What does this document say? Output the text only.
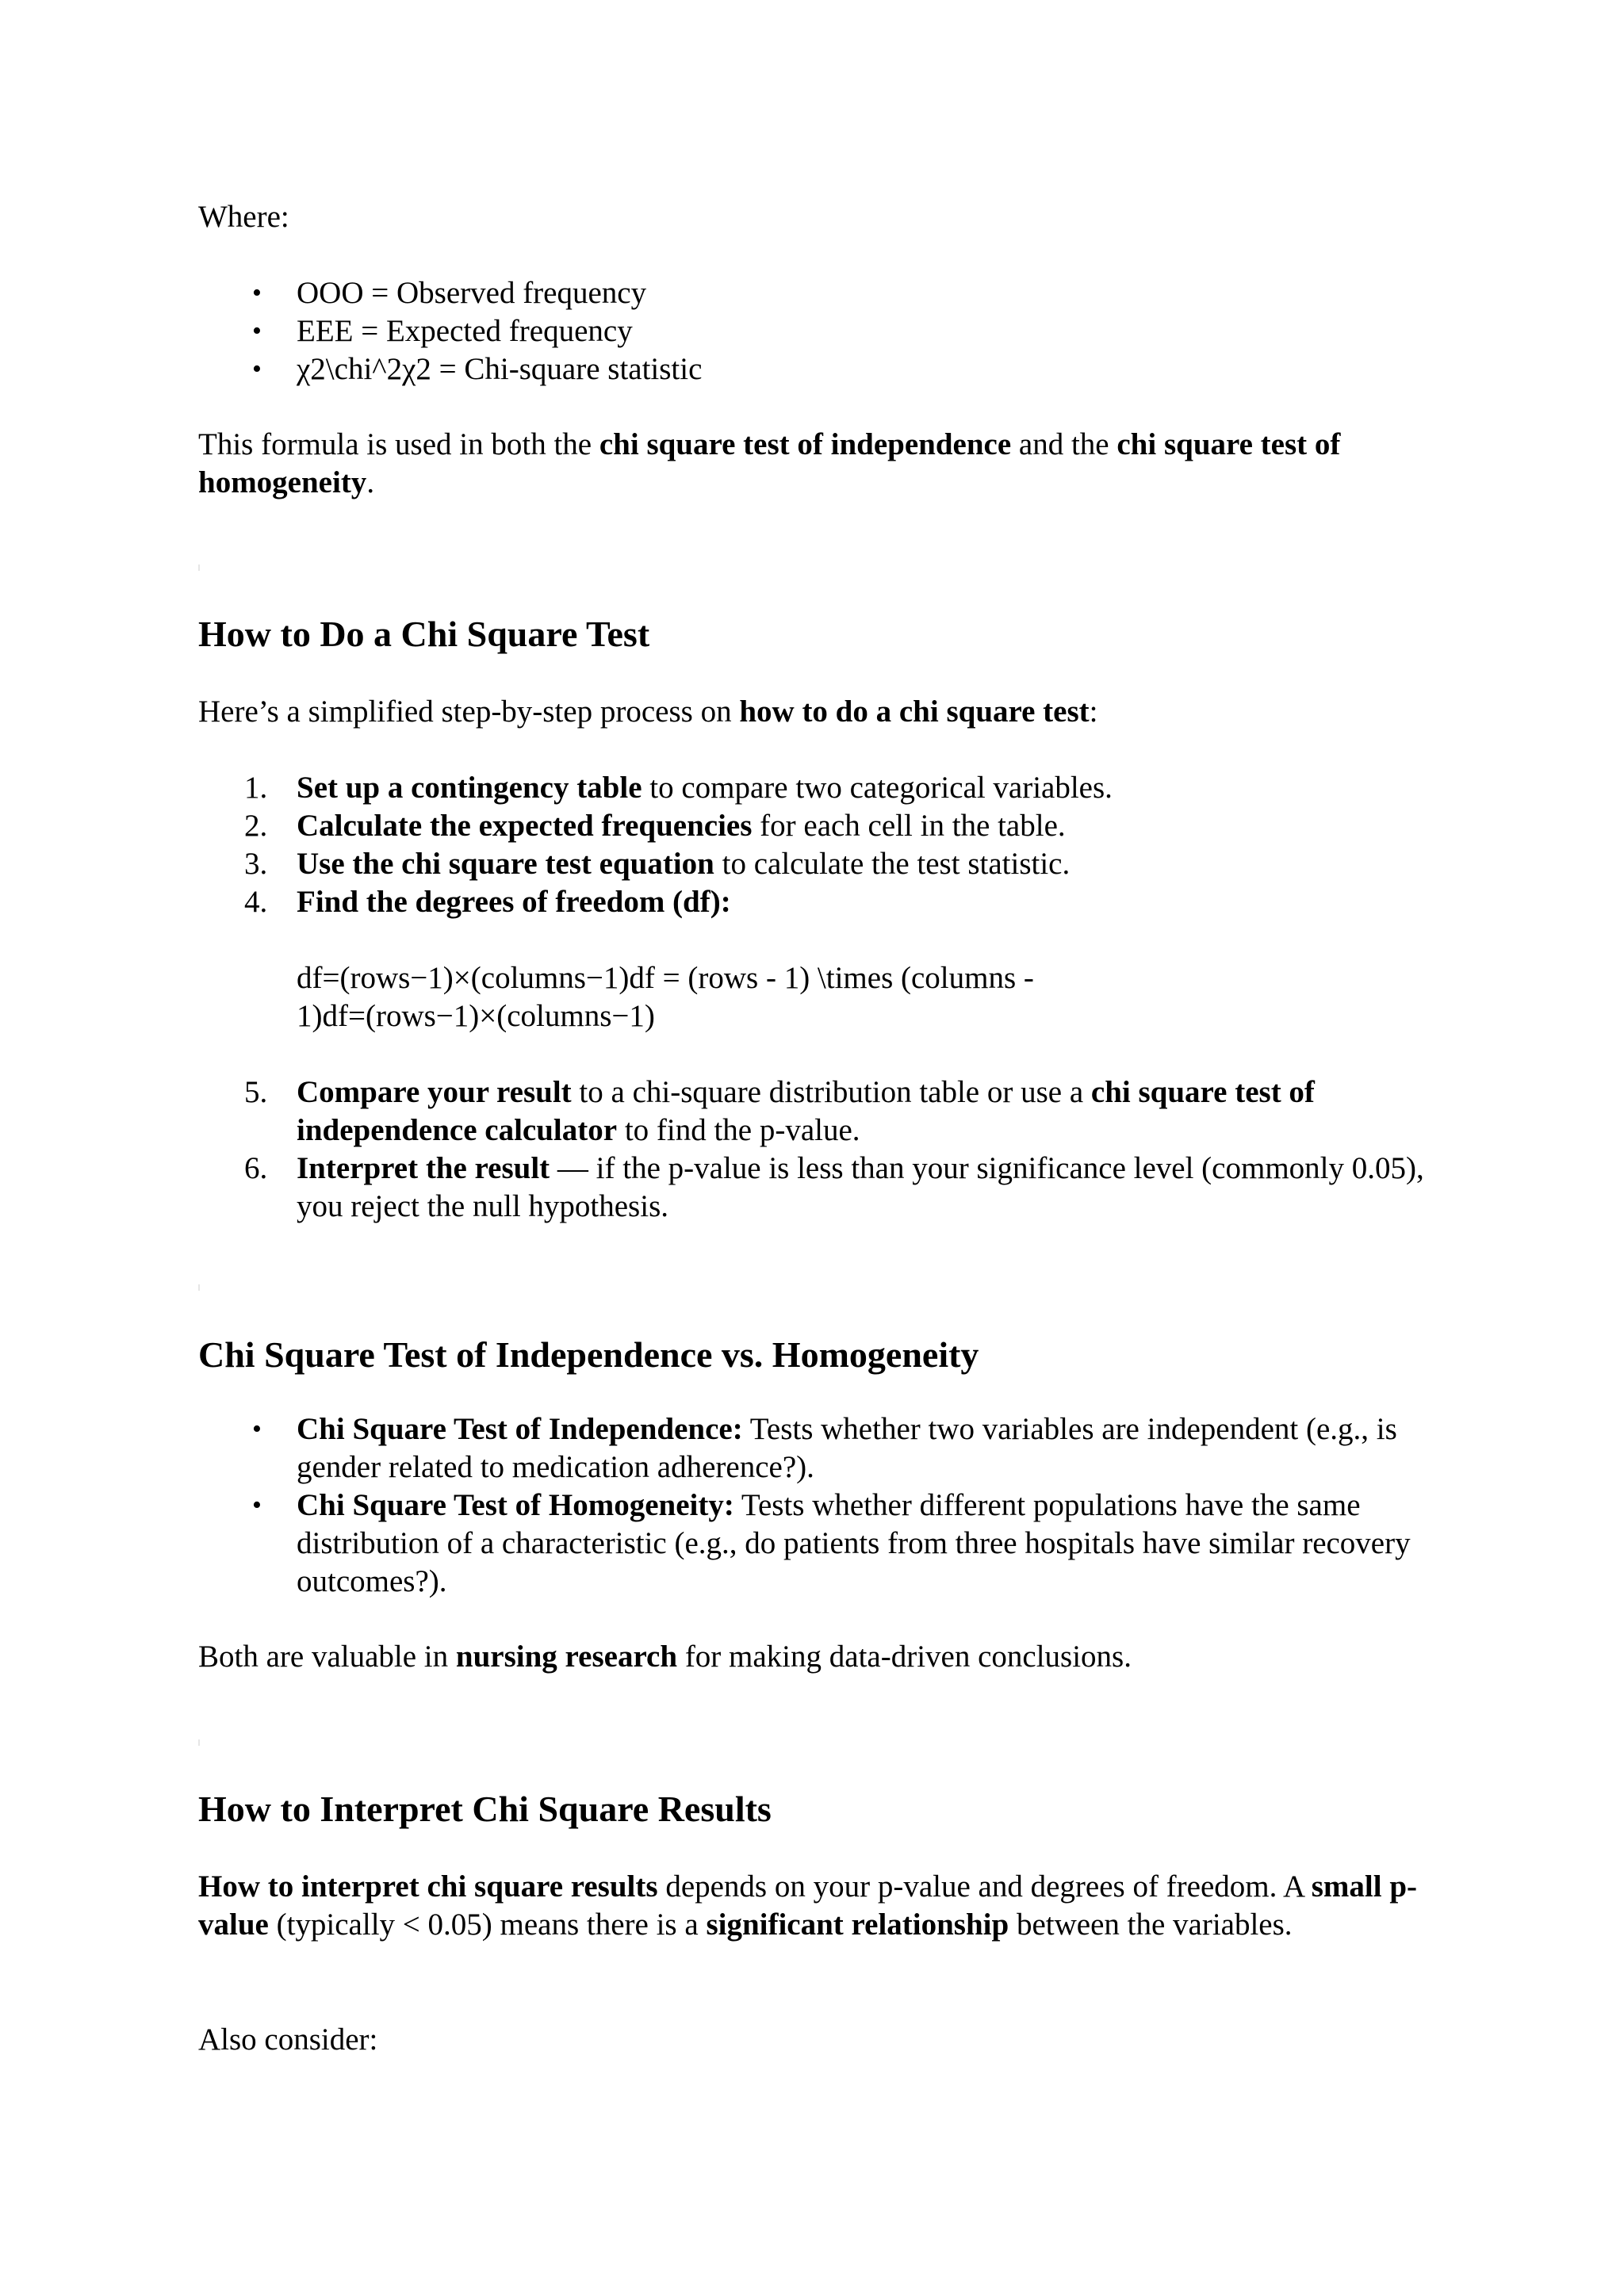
Where:

• OOO = Observed frequency
• EEE = Expected frequency
• χ2\chi^2χ2 = Chi-square statistic

This formula is used in both the chi square test of independence and the chi square test of homogeneity.

How to Do a Chi Square Test

Here’s a simplified step-by-step process on how to do a chi square test:

1. Set up a contingency table to compare two categorical variables.
2. Calculate the expected frequencies for each cell in the table.
3. Use the chi square test equation to calculate the test statistic.
4. Find the degrees of freedom (df):

df=(rows−1)×(columns−1)df = (rows - 1) \times (columns - 1)df=(rows−1)×(columns−1)

5. Compare your result to a chi-square distribution table or use a chi square test of independence calculator to find the p-value.
6. Interpret the result — if the p-value is less than your significance level (commonly 0.05), you reject the null hypothesis.
Chi Square Test of Independence vs. Homogeneity
• Chi Square Test of Independence: Tests whether two variables are independent (e.g., is gender related to medication adherence?).
• Chi Square Test of Homogeneity: Tests whether different populations have the same distribution of a characteristic (e.g., do patients from three hospitals have similar recovery outcomes?).

Both are valuable in nursing research for making data-driven conclusions.

How to Interpret Chi Square Results

How to interpret chi square results depends on your p-value and degrees of freedom. A small p-value (typically < 0.05) means there is a significant relationship between the variables.

Also consider:
